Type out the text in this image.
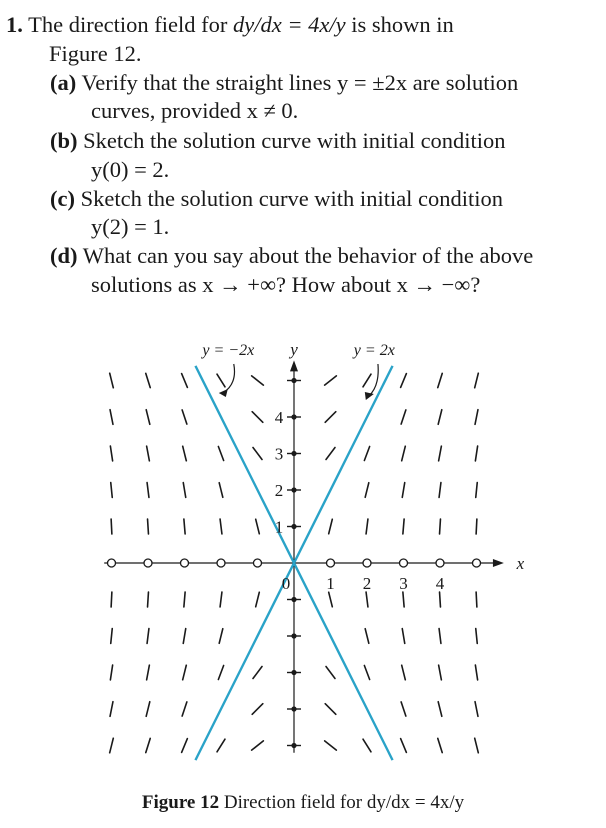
1. The direction field for dy/dx = 4x/y is shown in
Figure 12.
(a) Verify that the straight lines y = ±2x are solution
curves, provided x ≠ 0.
(b) Sketch the solution curve with initial condition
y(0) = 2.
(c) Sketch the solution curve with initial condition
y(2) = 1.
(d) What can you say about the behavior of the above
solutions as x → +∞? How about x → −∞?
y = 2x
y = −2x
x
y
0 1 2 3 4
1
2
3
4
Figure 12 Direction field for dy/dx = 4x/y
